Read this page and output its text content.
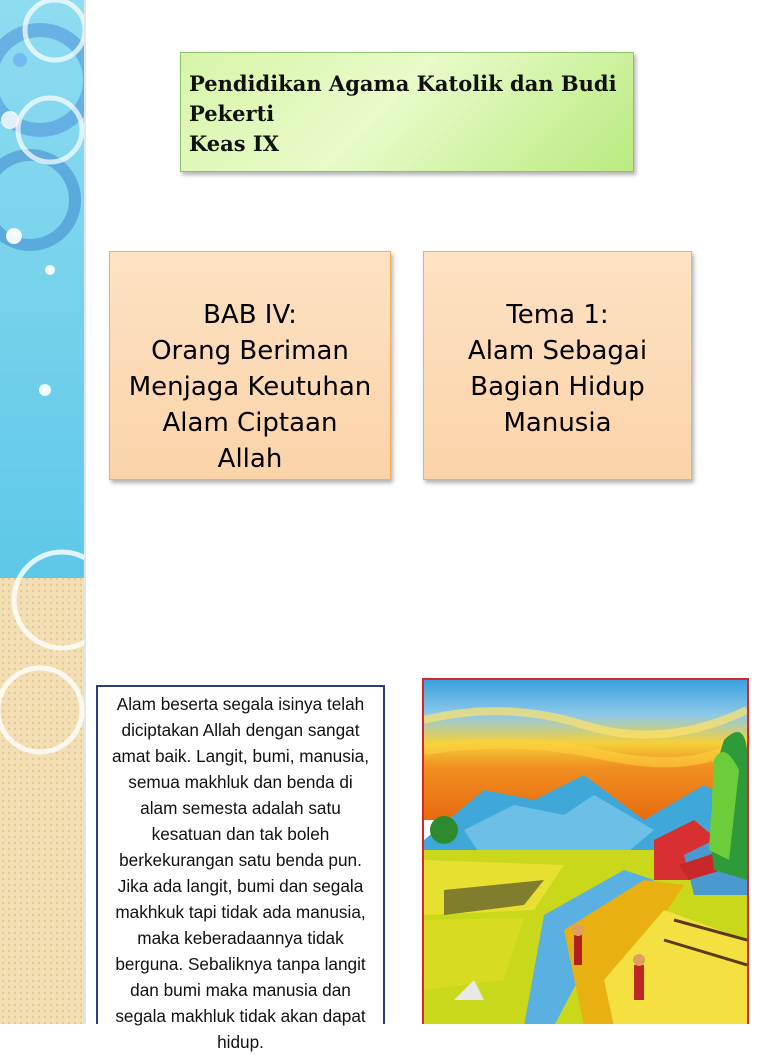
Pendidikan Agama Katolik dan Budi
Pekerti
Keas IX
BAB IV:
Orang Beriman
Menjaga Keutuhan
Alam Ciptaan
Allah
Tema 1:
Alam Sebagai
Bagian Hidup
Manusia
Alam beserta segala isinya telah diciptakan Allah dengan sangat amat baik. Langit, bumi, manusia, semua makhluk dan benda di alam semesta adalah satu kesatuan dan tak boleh berkekurangan satu benda pun. Jika ada langit, bumi dan segala makhkuk tapi tidak ada manusia, maka keberadaannya tidak berguna. Sebaliknya tanpa langit dan bumi maka manusia dan segala makhluk tidak akan dapat hidup.
